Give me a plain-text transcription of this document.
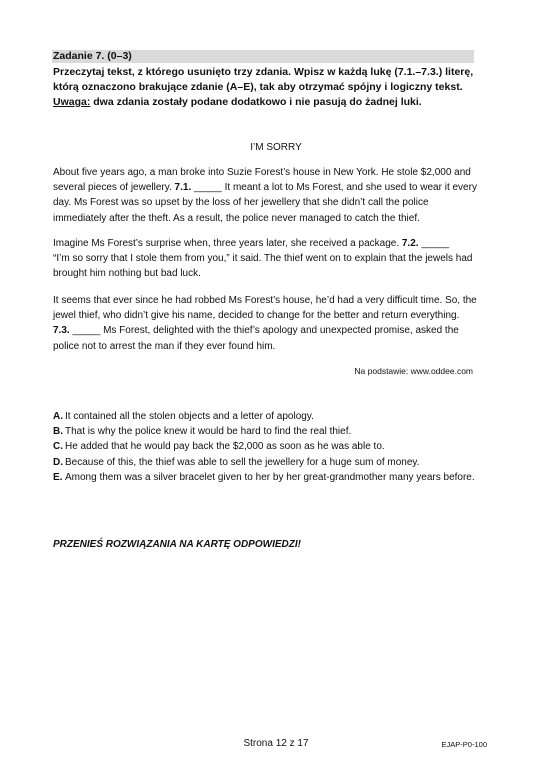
Zadanie 7. (0–3)
Przeczytaj tekst, z którego usunięto trzy zdania. Wpisz w każdą lukę (7.1.–7.3.) literę,
którą oznaczono brakujące zdanie (A–E), tak aby otrzymać spójny i logiczny tekst.
Uwaga: dwa zdania zostały podane dodatkowo i nie pasują do żadnej luki.
I’M SORRY

About five years ago, a man broke into Suzie Forest’s house in New York. He stole $2,000 and several pieces of jewellery. 7.1. _____ It meant a lot to Ms Forest, and she used to wear it every day. Ms Forest was so upset by the loss of her jewellery that she didn’t call the police immediately after the theft. As a result, the police never managed to catch the thief.

Imagine Ms Forest’s surprise when, three years later, she received a package. 7.2. _____
“I’m so sorry that I stole them from you,” it said. The thief went on to explain that the jewels had brought him nothing but bad luck.

It seems that ever since he had robbed Ms Forest’s house, he’d had a very difficult time. So, the jewel thief, who didn’t give his name, decided to change for the better and return everything. 7.3. _____ Ms Forest, delighted with the thief’s apology and unexpected promise, asked the police not to arrest the man if they ever found him.

Na podstawie: www.oddee.com
A. It contained all the stolen objects and a letter of apology.
B. That is why the police knew it would be hard to find the real thief.
C. He added that he would pay back the $2,000 as soon as he was able to.
D. Because of this, the thief was able to sell the jewellery for a huge sum of money.
E. Among them was a silver bracelet given to her by her great-grandmother many years before.
PRZENIEŚ ROZWIĄZANIA NA KARTĘ ODPOWIEDZI!
Strona 12 z 17	EJAP-P0-100
